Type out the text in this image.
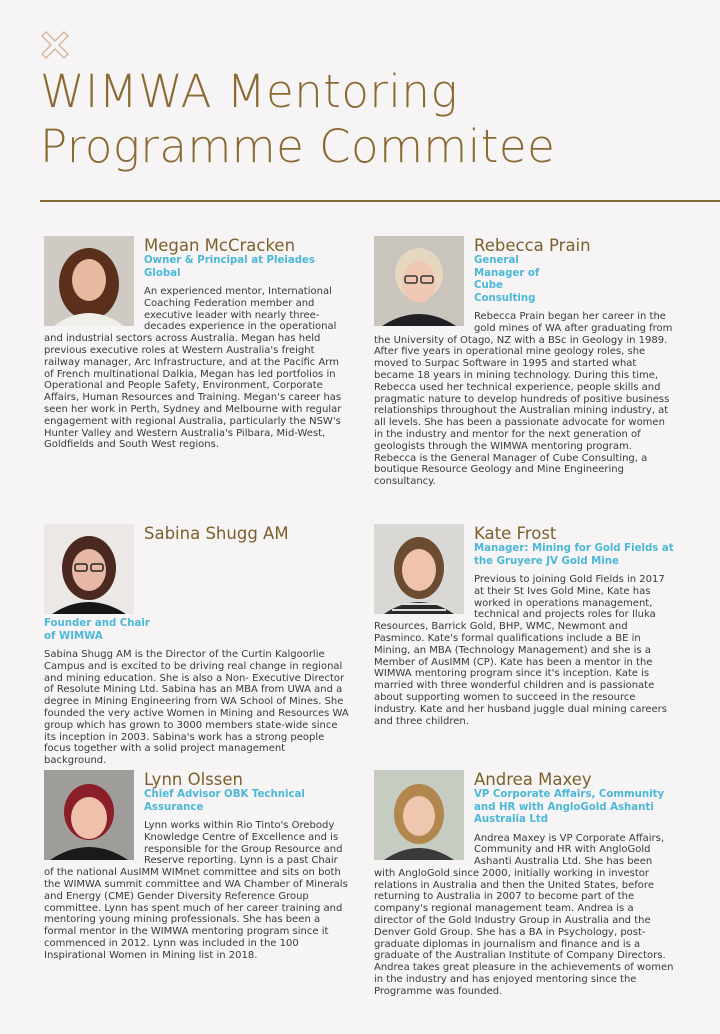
WIMWA Mentoring
Programme Commitee
Megan McCracken
Owner & Principal at Pleiades Global

An experienced mentor, International Coaching Federation member and executive leader with nearly three-decades experience in the operational and industrial sectors across Australia. Megan has held previous executive roles at Western Australia's freight railway manager, Arc Infrastructure, and at the Pacific Arm of French multinational Dalkia, Megan has led portfolios in Operational and People Safety, Environment, Corporate Affairs, Human Resources and Training. Megan's career has seen her work in Perth, Sydney and Melbourne with regular engagement with regional Australia, particularly the NSW's Hunter Valley and Western Australia's Pilbara, Mid-West, Goldfields and South West regions.

Rebecca Prain
General Manager of Cube Consulting

Rebecca Prain began her career in the gold mines of WA after graduating from the University of Otago, NZ with a BSc in Geology in 1989. After five years in operational mine geology roles, she moved to Surpac Software in 1995 and started what became 18 years in mining technology. During this time, Rebecca used her technical experience, people skills and pragmatic nature to develop hundreds of positive business relationships throughout the Australian mining industry, at all levels. She has been a passionate advocate for women in the industry and mentor for the next generation of geologists through the WIMWA mentoring program. Rebecca is the General Manager of Cube Consulting, a boutique Resource Geology and Mine Engineering consultancy.

Sabina Shugg AM
Founder and Chair of WIMWA

Sabina Shugg AM is the Director of the Curtin Kalgoorlie Campus and is excited to be driving real change in regional and mining education. She is also a Non- Executive Director of Resolute Mining Ltd. Sabina has an MBA from UWA and a degree in Mining Engineering from WA School of Mines. She founded the very active Women in Mining and Resources WA group which has grown to 3000 members state-wide since its inception in 2003. Sabina's work has a strong people focus together with a solid project management background.

Kate Frost
Manager: Mining for Gold Fields at the Gruyere JV Gold Mine

Previous to joining Gold Fields in 2017 at their St Ives Gold Mine, Kate has worked in operations management, technical and projects roles for Iluka Resources, Barrick Gold, BHP, WMC, Newmont and Pasminco. Kate's formal qualifications include a BE in Mining, an MBA (Technology Management) and she is a Member of AusIMM (CP). Kate has been a mentor in the WIMWA mentoring program since it's inception. Kate is married with three wonderful children and is passionate about supporting women to succeed in the resource industry. Kate and her husband juggle dual mining careers and three children.

Lynn Olssen
Chief Advisor OBK Technical Assurance

Lynn works within Rio Tinto's Orebody Knowledge Centre of Excellence and is responsible for the Group Resource and Reserve reporting. Lynn is a past Chair of the national AusIMM WIMnet committee and sits on both the WIMWA summit committee and WA Chamber of Minerals and Energy (CME) Gender Diversity Reference Group committee. Lynn has spent much of her career training and mentoring young mining professionals. She has been a formal mentor in the WIMWA mentoring program since it commenced in 2012. Lynn was included in the 100 Inspirational Women in Mining list in 2018.

Andrea Maxey
VP Corporate Affairs, Community and HR with AngloGold Ashanti Australia Ltd

Andrea Maxey is VP Corporate Affairs, Community and HR with AngloGold Ashanti Australia Ltd. She has been with AngloGold since 2000, initially working in investor relations in Australia and then the United States, before returning to Australia in 2007 to become part of the company's regional management team. Andrea is a director of the Gold Industry Group in Australia and the Denver Gold Group. She has a BA in Psychology, post-graduate diplomas in journalism and finance and is a graduate of the Australian Institute of Company Directors. Andrea takes great pleasure in the achievements of women in the industry and has enjoyed mentoring since the Programme was founded.
